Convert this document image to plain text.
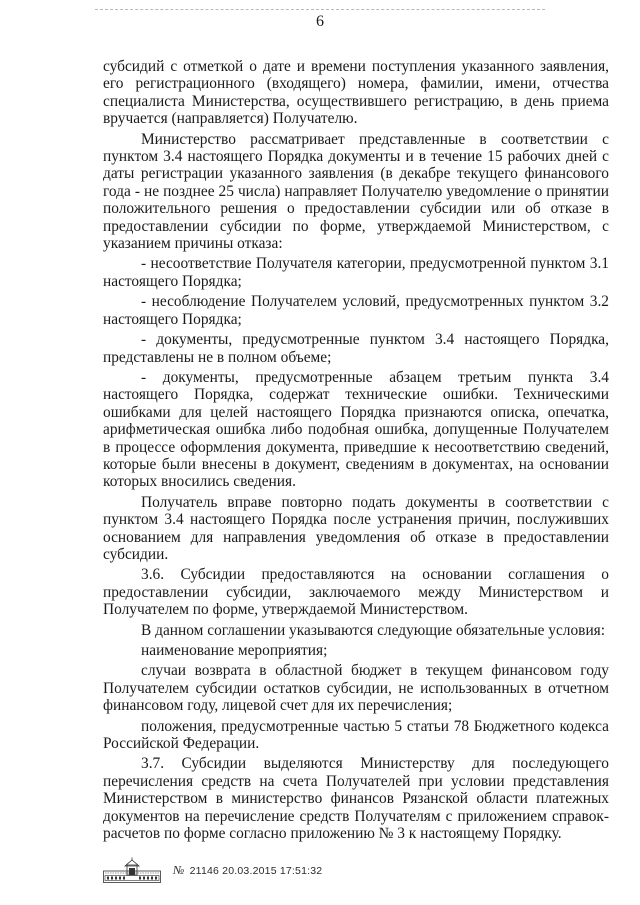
6

субсидий с отметкой о дате и времени поступления указанного заявления, его регистрационного (входящего) номера, фамилии, имени, отчества специалиста Министерства, осуществившего регистрацию, в день приема вручается (направляется) Получателю.

Министерство рассматривает представленные в соответствии с пунктом 3.4 настоящего Порядка документы и в течение 15 рабочих дней с даты регистрации указанного заявления (в декабре текущего финансового года - не позднее 25 числа) направляет Получателю уведомление о принятии положительного решения о предоставлении субсидии или об отказе в предоставлении субсидии по форме, утверждаемой Министерством, с указанием причины отказа:

- несоответствие Получателя категории, предусмотренной пунктом 3.1 настоящего Порядка;

- несоблюдение Получателем условий, предусмотренных пунктом 3.2 настоящего Порядка;

- документы, предусмотренные пунктом 3.4 настоящего Порядка, представлены не в полном объеме;

- документы, предусмотренные абзацем третьим пункта 3.4 настоящего Порядка, содержат технические ошибки. Техническими ошибками для целей настоящего Порядка признаются описка, опечатка, арифметическая ошибка либо подобная ошибка, допущенные Получателем в процессе оформления документа, приведшие к несоответствию сведений, которые были внесены в документ, сведениям в документах, на основании которых вносились сведения.

Получатель вправе повторно подать документы в соответствии с пунктом 3.4 настоящего Порядка после устранения причин, послуживших основанием для направления уведомления об отказе в предоставлении субсидии.

3.6. Субсидии предоставляются на основании соглашения о предоставлении субсидии, заключаемого между Министерством и Получателем по форме, утверждаемой Министерством.

В данном соглашении указываются следующие обязательные условия:

наименование мероприятия;

случаи возврата в областной бюджет в текущем финансовом году Получателем субсидии остатков субсидии, не использованных в отчетном финансовом году, лицевой счет для их перечисления;

положения, предусмотренные частью 5 статьи 78 Бюджетного кодекса Российской Федерации.

3.7. Субсидии выделяются Министерству для последующего перечисления средств на счета Получателей при условии представления Министерством в министерство финансов Рязанской области платежных документов на перечисление средств Получателям с приложением справок-расчетов по форме согласно приложению № 3 к настоящему Порядку.

№ 21146 20.03.2015 17:51:32
